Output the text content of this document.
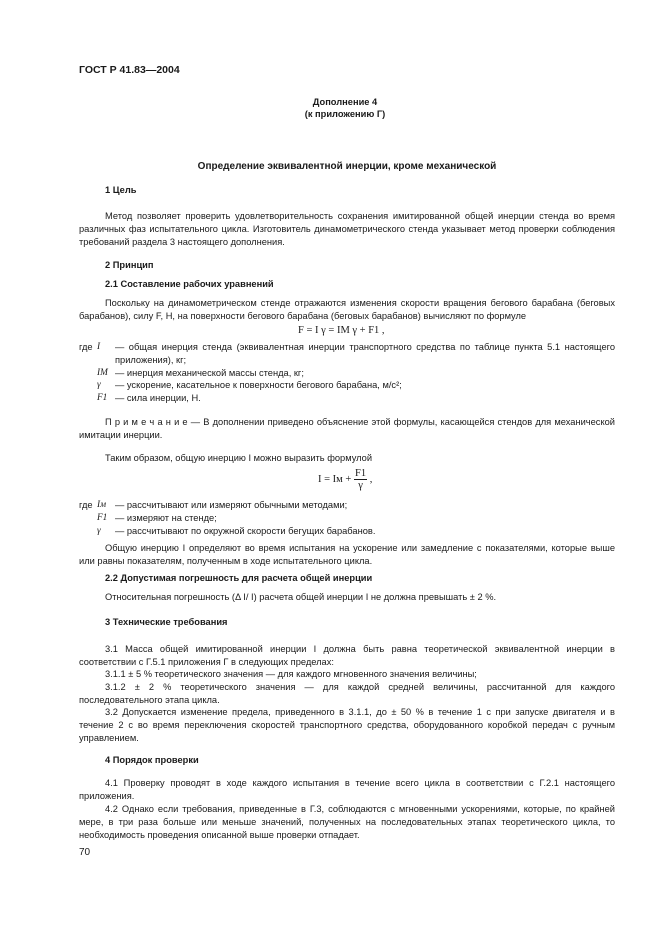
ГОСТ Р 41.83—2004
Дополнение 4
(к приложению Г)
Определение эквивалентной инерции, кроме механической
1 Цель
Метод позволяет проверить удовлетворительность сохранения имитированной общей инерции стенда во время различных фаз испытательного цикла. Изготовитель динамометрического стенда указывает метод проверки соблюдения требований раздела 3 настоящего дополнения.
2 Принцип
2.1 Составление рабочих уравнений
Поскольку на динамометрическом стенде отражаются изменения скорости вращения бегового барабана (беговых барабанов), силу F, Н, на поверхности бегового барабана (беговых барабанов) вычисляют по формуле
F = I γ = IM γ + F1 ,
где I	— общая инерция стенда (эквивалентная инерции транспортного средства по таблице пункта 5.1 настоящего приложения), кг;
IM	— инерция механической массы стенда, кг;
γ	— ускорение, касательное к поверхности бегового барабана, м/с²;
F1	— сила инерции, Н.
П р и м е ч а н и е — В дополнении приведено объяснение этой формулы, касающейся стендов для механической имитации инерции.
Таким образом, общую инерцию I можно выразить формулой
I = Iм + $\frac{F1}{\gamma}$ ,
где Iм	— рассчитывают или измеряют обычными методами;
F1	— измеряют на стенде;
γ	— рассчитывают по окружной скорости бегущих барабанов.
Общую инерцию I определяют во время испытания на ускорение или замедление с показателями, которые выше или равны показателям, полученным в ходе испытательного цикла.
2.2 Допустимая погрешность для расчета общей инерции
Относительная погрешность (Δ I/ I) расчета общей инерции I не должна превышать ± 2 %.
3 Технические требования
3.1 Масса общей имитированной инерции I должна быть равна теоретической эквивалентной инерции в соответствии с Г.5.1 приложения Г в следующих пределах:
3.1.1 ± 5 % теоретического значения — для каждого мгновенного значения величины;
3.1.2 ± 2 % теоретического значения — для каждой средней величины, рассчитанной для каждого последовательного этапа цикла.
3.2 Допускается изменение предела, приведенного в 3.1.1, до ± 50 % в течение 1 с при запуске двигателя и в течение 2 с во время переключения скоростей транспортного средства, оборудованного коробкой передач с ручным управлением.
4 Порядок проверки
4.1 Проверку проводят в ходе каждого испытания в течение всего цикла в соответствии с Г.2.1 настоящего приложения.
4.2 Однако если требования, приведенные в Г.3, соблюдаются с мгновенными ускорениями, которые, по крайней мере, в три раза больше или меньше значений, полученных на последовательных этапах теоретического цикла, то необходимость проведения описанной выше проверки отпадает.
70
